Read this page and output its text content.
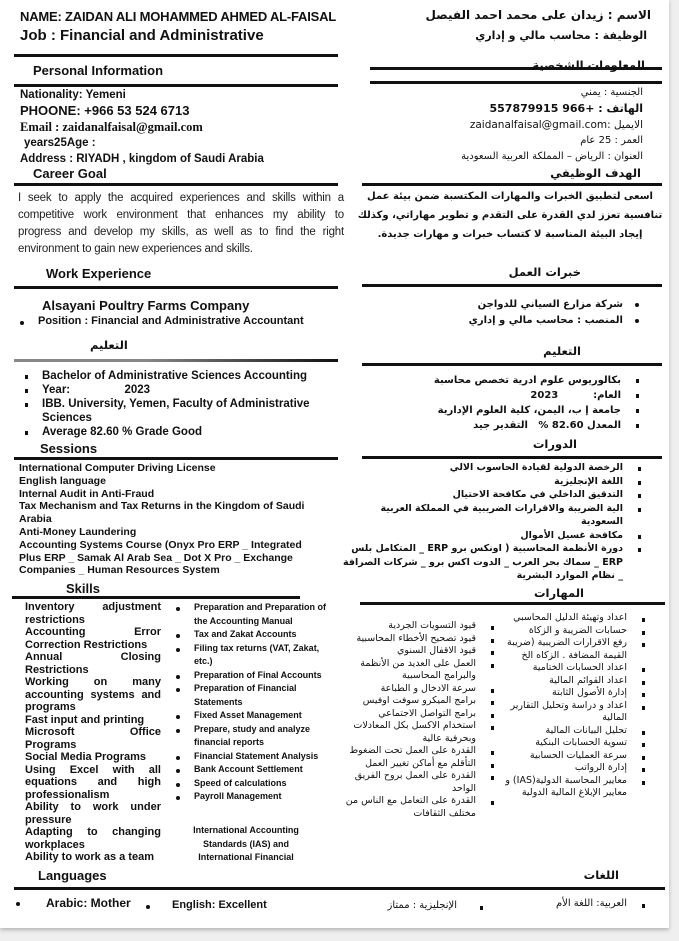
NAME: ZAIDAN ALI MOHAMMED AHMED AL-FAISAL
Job : Financial and Administrative
الاسم : زيدان على محمد احمد الفيصل
الوظيفة : محاسب مالي و إداري
Personal Information	المعلومات الشخصية
Nationality: Yemeni
PHOONE: +966 53 524 6713
Email : zaidanalfaisal@gmail.com
years25Age :
Address : RIYADH , kingdom of Saudi Arabia
الجنسية : يمني
الهاتف : +966 557879915
الايميل :zaidanalfaisal@gmail.com
العمر : 25 عام
العنوان : الرياض – المملكة العربية السعودية
Career Goal	الهدف الوظيفي
I seek to apply the acquired experiences and skills within a competitive work environment that enhances my ability to progress and develop my skills, as well as to find the right environment to gain new experiences and skills.
اسعى لتطبيق الخبرات والمهارات المكتسبة ضمن بيئة عمل تنافسية تعزز لدي القدرة على التقدم و تطوير مهاراتي، وكذلك إيجاد البيئة المناسبة لا كتساب خبرات و مهارات جديدة.
Work Experience	خبرات العمل
Alsayani Poultry Farms Company
Position : Financial and Administrative Accountant
شركة مزارع السياني للدواجن
المنصب : محاسب مالي و إداري
التعليم	التعليم
Bachelor of Administrative Sciences Accounting
Year:                 2023
IBB. University, Yemen, Faculty of Administrative Sciences
Average 82.60 % Grade Good
بكالوريوس علوم ادرية تخصص محاسبة
العام:          2023
جامعة إ ب، اليمن، كلية العلوم الإدارية
المعدل 82.60 %   التقدير جيد
Sessions	الدورات
International Computer Driving License
English language
Internal Audit in Anti-Fraud
Tax Mechanism and Tax Returns in the Kingdom of Saudi Arabia
Anti-Money Laundering
Accounting Systems Course (Onyx Pro ERP _ Integrated Plus ERP _ Samak Al Arab Sea _ Dot X Pro _ Exchange Companies _ Human Resources System
الرخصة الدولية لقيادة الحاسوب الالي
اللغة الإنجليزية
التدقيق الداخلي في مكافحة الاحتيال
الية الضريبة والاقرارات الضريبية في المملكة العربية السعودية
مكافحة غسيل الأموال
دورة الأنظمة المحاسبية ( اونكس برو ERP _ المتكامل بلس ERP _ سماك بحر العرب _ الدوت اكس برو _ شركات الصرافة _ نظام الموارد البشرية
Skills	المهارات
Inventory adjustment restrictions
Accounting Error Correction Restrictions
Annual Closing Restrictions
Working on many accounting systems and programs
Fast input and printing
Microsoft Office Programs
Social Media Programs
Using Excel with all equations and high professionalism
Ability to work under pressure
Adapting to changing workplaces
Ability to work as a team
Preparation and Preparation of the Accounting Manual
Tax and Zakat Accounts
Filing tax returns (VAT, Zakat, etc.)
Preparation of Final Accounts
Preparation of Financial Statements
Fixed Asset Management
Prepare, study and analyze financial reports
Financial Statement Analysis
Bank Account Settlement
Speed of calculations
Payroll Management
International Accounting Standards (IAS) and International Financial
اعداد وتهيئة الدليل المحاسبي
حسابات الضريبة و الزكاة
رفع الاقرارات الضريبية (ضريبة القيمة المضافة . الزكاه الخ
اعداد الحسابات الختامية
اعداد القوائم المالية
إدارة الأصول الثابتة
اعداد و دراسة وتحليل التقارير المالية
تحليل البيانات المالية
تسوية الحسابات البنكية
سرعة العمليات الحسابية
إدارة الرواتب
معايير المحاسبة الدولية(IAS) و معايير الإبلاغ المالية الدولية
قيود التسويات الجردية
قيود تصحيح الأخطاء المحاسبية
قيود الاقفال السنوي
العمل على العديد من الأنظمة والبرامج المحاسبية
سرعة الادخال و الطباعة
برامج الميكرو سوفت اوفيس
برامج التواصل الاجتماعي
استخدام الاكسل بكل المعادلات وبحرفية عالية
القدرة على العمل تحت الضغوط
التأقلم مع أماكن تغيير العمل
القدرة على العمل بروح الفريق الواحد
القدرة على التعامل مع الناس من مختلف الثقافات
Languages	اللغات
Arabic: Mother	English: Excellent	الإنجليزية : ممتاز	العربية: اللغة الأم
